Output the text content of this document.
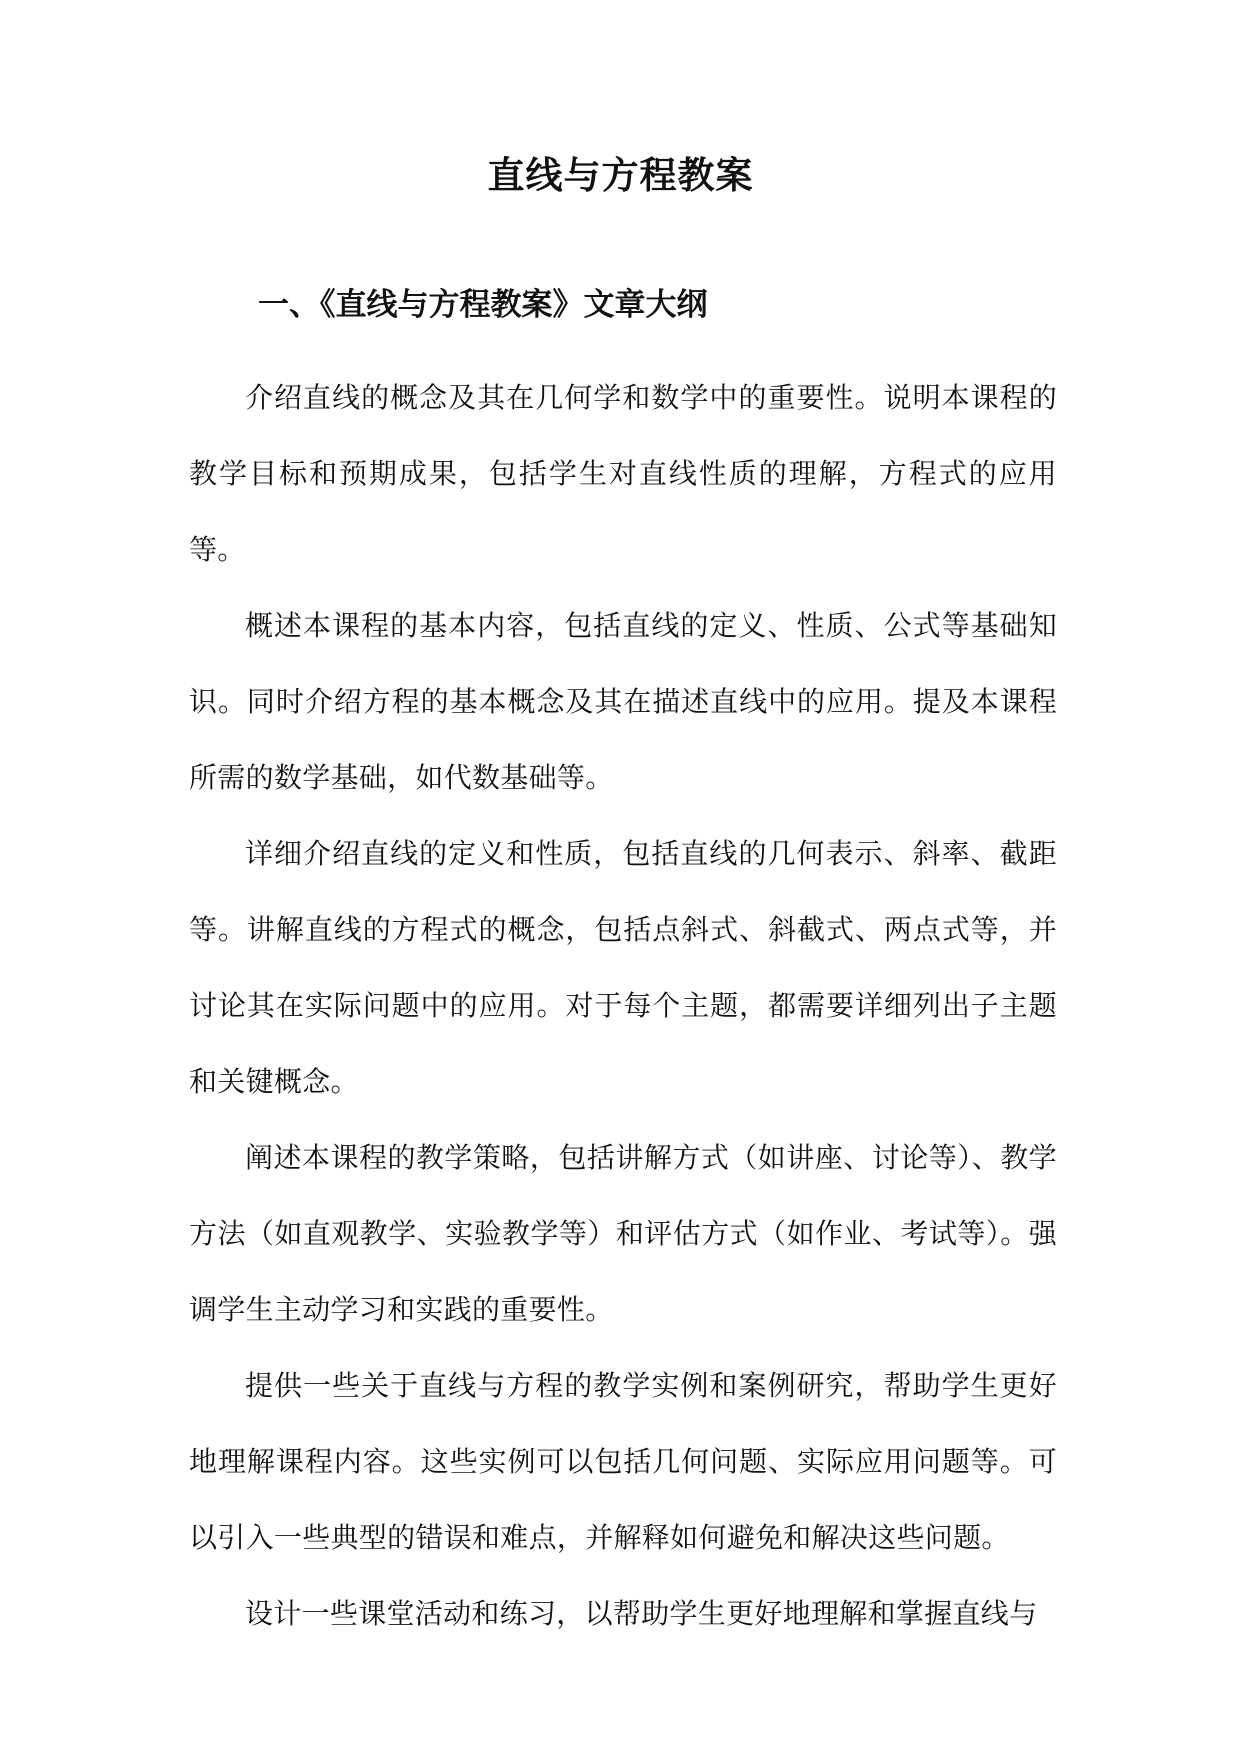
直线与方程教案
一、《直线与方程教案》文章大纲

介绍直线的概念及其在几何学和数学中的重要性。说明本课程的教学目标和预期成果，包括学生对直线性质的理解，方程式的应用等。

概述本课程的基本内容，包括直线的定义、性质、公式等基础知识。同时介绍方程的基本概念及其在描述直线中的应用。提及本课程所需的数学基础，如代数基础等。

详细介绍直线的定义和性质，包括直线的几何表示、斜率、截距等。讲解直线的方程式的概念，包括点斜式、斜截式、两点式等，并讨论其在实际问题中的应用。对于每个主题，都需要详细列出子主题和关键概念。

阐述本课程的教学策略，包括讲解方式（如讲座、讨论等）、教学方法（如直观教学、实验教学等）和评估方式（如作业、考试等）。强调学生主动学习和实践的重要性。

提供一些关于直线与方程的教学实例和案例研究，帮助学生更好地理解课程内容。这些实例可以包括几何问题、实际应用问题等。可以引入一些典型的错误和难点，并解释如何避免和解决这些问题。

设计一些课堂活动和练习，以帮助学生更好地理解和掌握直线与
